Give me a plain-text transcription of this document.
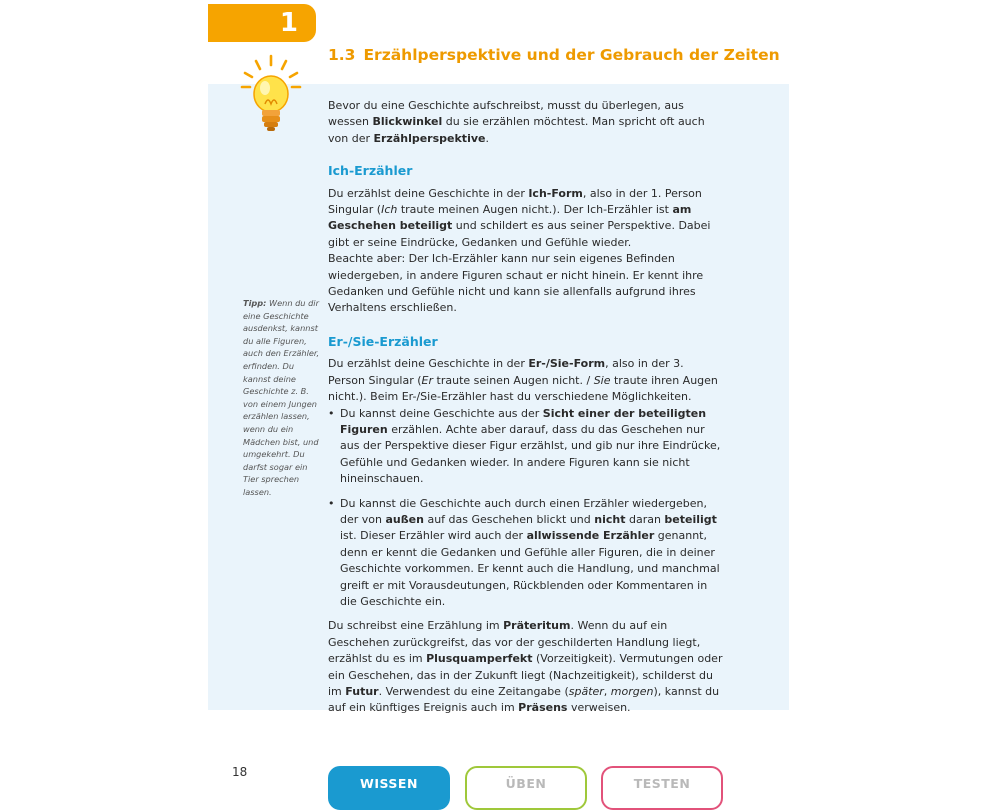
1
1.3 Erzählperspektive und der Gebrauch der Zeiten
Tipp: Wenn du dir eine Geschichte ausdenkst, kannst du alle Figuren, auch den Erzähler, erfinden. Du kannst deine Geschichte z. B. von einem Jungen erzählen lassen, wenn du ein Mädchen bist, und umgekehrt. Du darfst sogar ein Tier sprechen lassen.

Bevor du eine Geschichte aufschreibst, musst du überlegen, aus wessen Blickwinkel du sie erzählen möchtest. Man spricht oft auch von der Erzählperspektive.

Ich-Erzähler

Du erzählst deine Geschichte in der Ich-Form, also in der 1. Person Singular (Ich traute meinen Augen nicht.). Der Ich-Erzähler ist am Geschehen beteiligt und schildert es aus seiner Perspektive. Dabei gibt er seine Eindrücke, Gedanken und Gefühle wieder.

Beachte aber: Der Ich-Erzähler kann nur sein eigenes Befinden wiedergeben, in andere Figuren schaut er nicht hinein. Er kennt ihre Gedanken und Gefühle nicht und kann sie allenfalls aufgrund ihres Verhaltens erschließen.

Er-/Sie-Erzähler

Du erzählst deine Geschichte in der Er-/Sie-Form, also in der 3. Person Singular (Er traute seinen Augen nicht. / Sie traute ihren Augen nicht.). Beim Er-/Sie-Erzähler hast du verschiedene Möglichkeiten.

• Du kannst deine Geschichte aus der Sicht einer der beteiligten Figuren erzählen. Achte aber darauf, dass du das Geschehen nur aus der Perspektive dieser Figur erzählst, und gib nur ihre Eindrücke, Gefühle und Gedanken wieder. In andere Figuren kann sie nicht hineinschauen.
• Du kannst die Geschichte auch durch einen Erzähler wiedergeben, der von außen auf das Geschehen blickt und nicht daran beteiligt ist. Dieser Erzähler wird auch der allwissende Erzähler genannt, denn er kennt die Gedanken und Gefühle aller Figuren, die in deiner Geschichte vorkommen. Er kennt auch die Handlung, und manchmal greift er mit Vorausdeutungen, Rückblenden oder Kommentaren in die Geschichte ein.

Du schreibst eine Erzählung im Präteritum. Wenn du auf ein Geschehen zurückgreifst, das vor der geschilderten Handlung liegt, erzählst du es im Plusquamperfekt (Vorzeitigkeit). Vermutungen oder ein Geschehen, das in der Zukunft liegt (Nachzeitigkeit), schilderst du im Futur. Verwendest du eine Zeitangabe (später, morgen), kannst du auf ein künftiges Ereignis auch im Präsens verweisen.

18
WISSEN	ÜBEN	TESTEN
